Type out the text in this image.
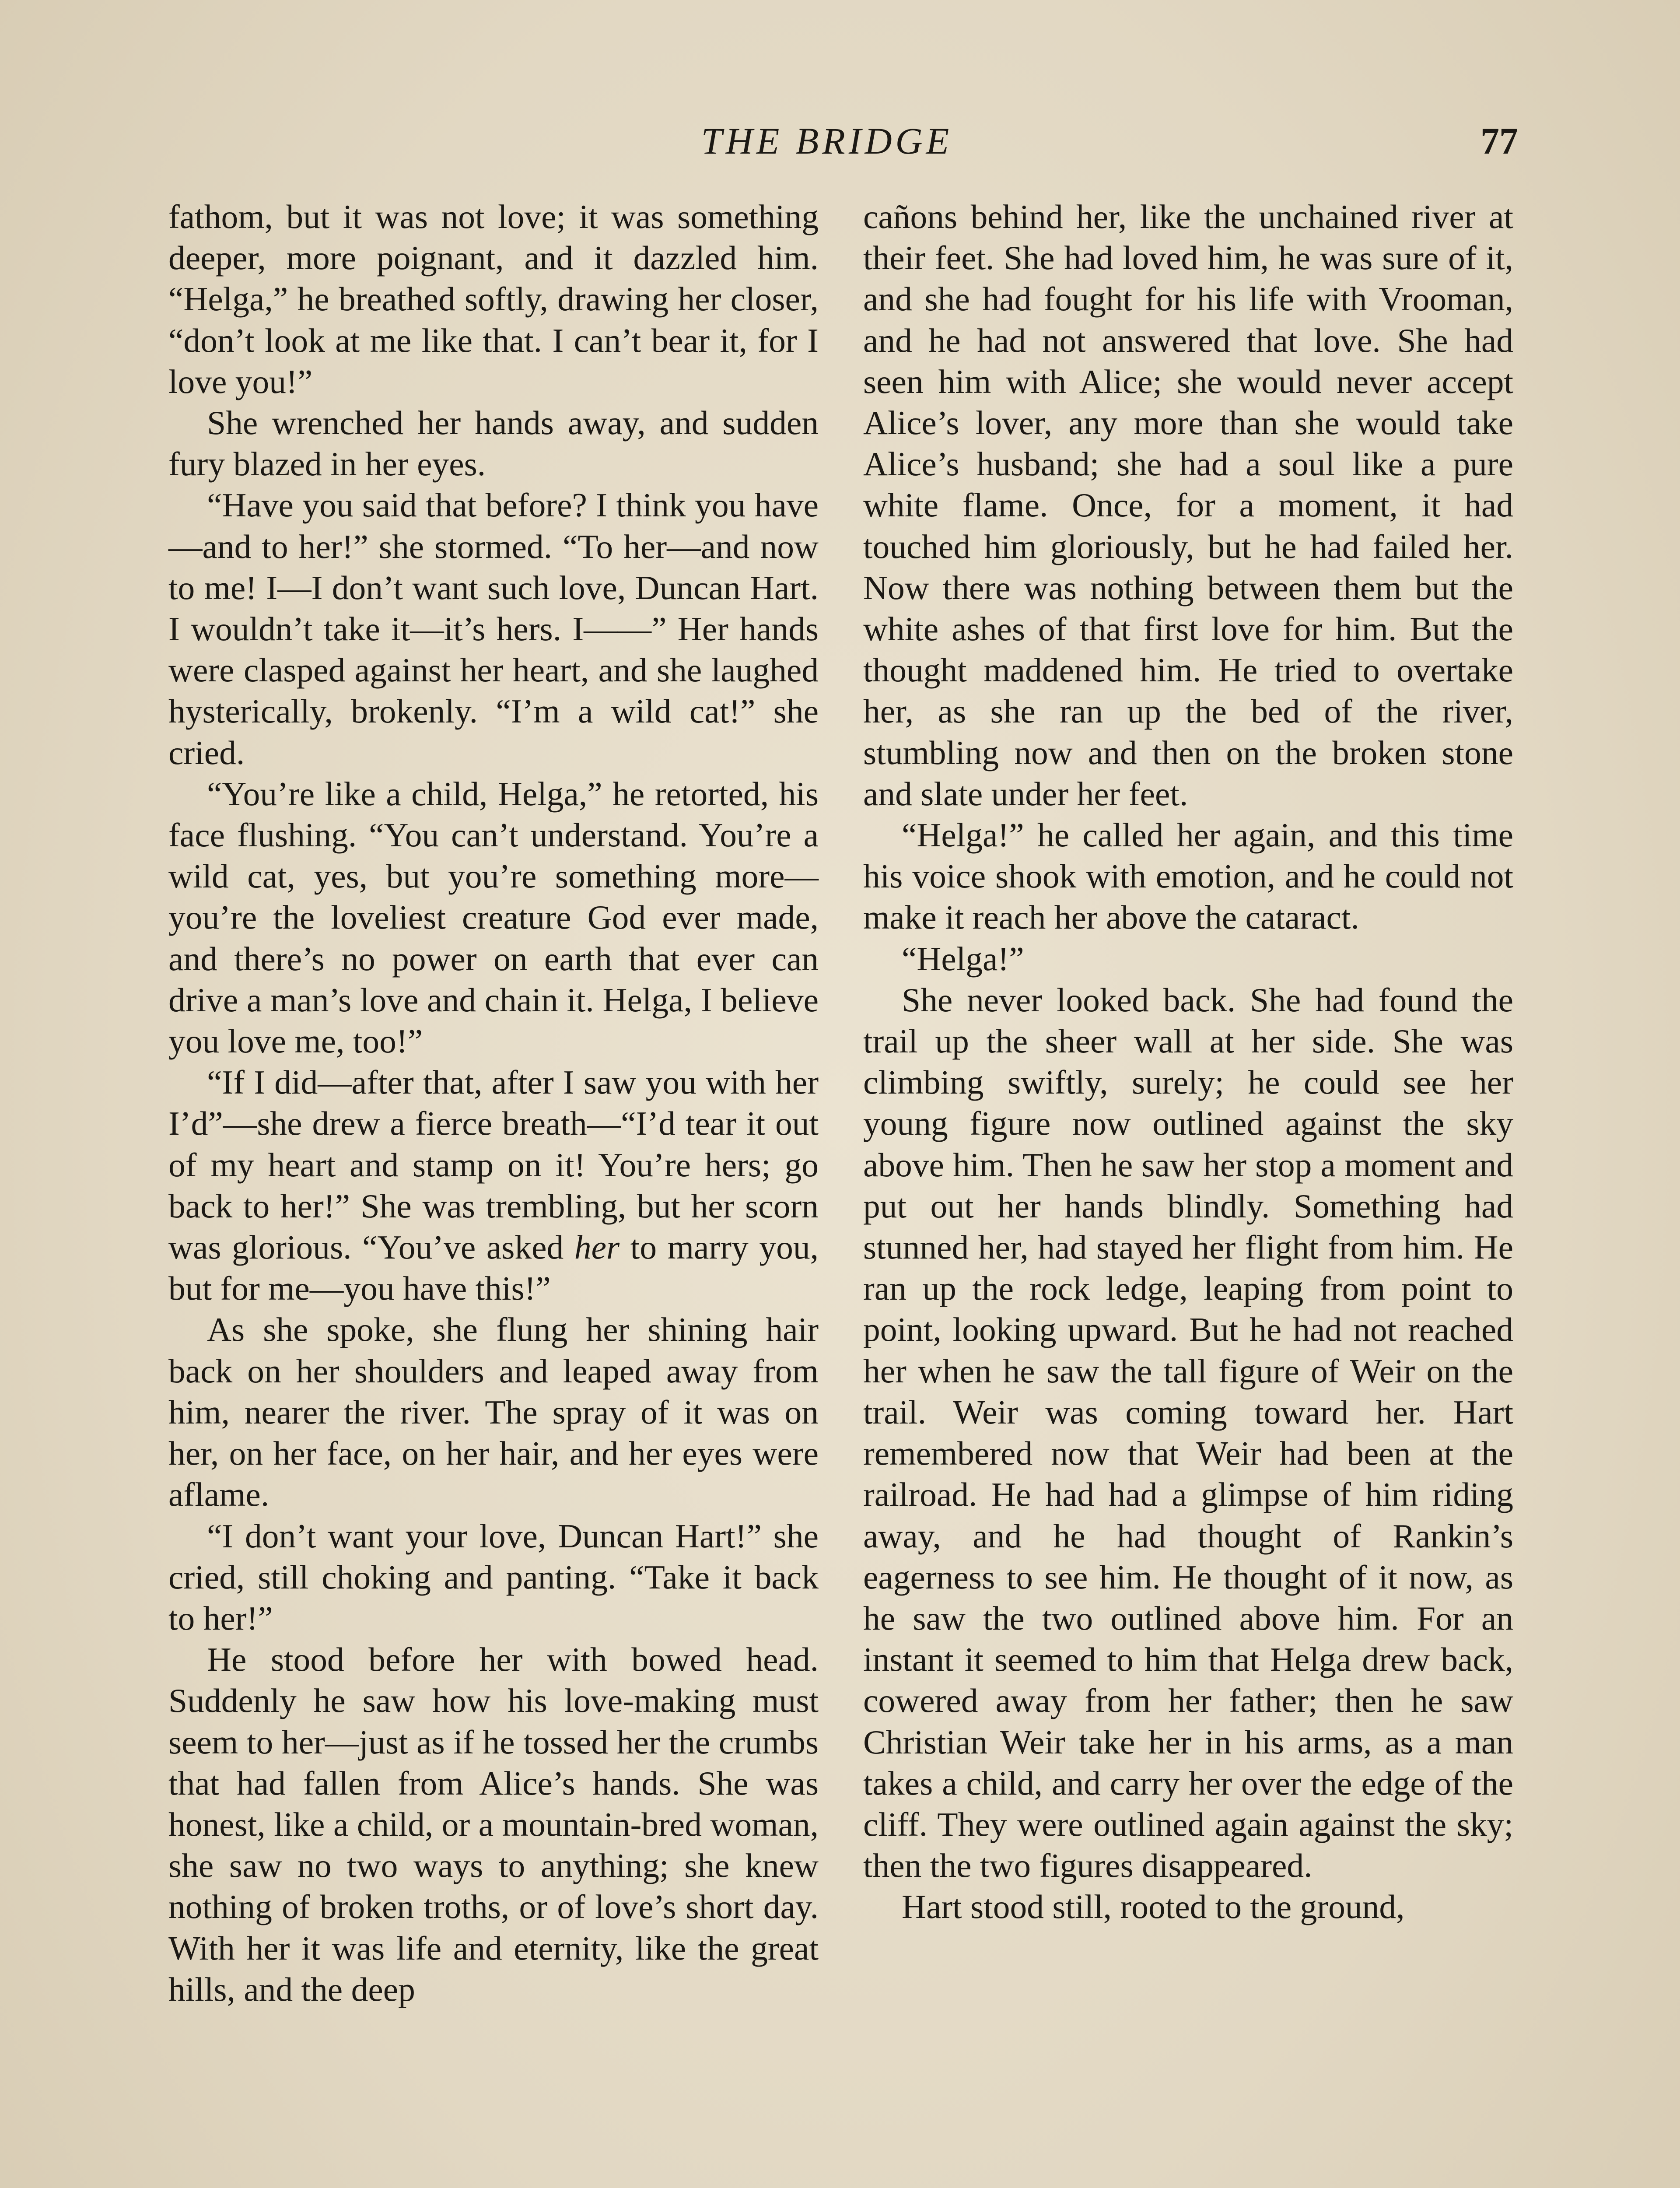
THE BRIDGE	77

fathom, but it was not love; it was something deeper, more poignant, and it dazzled him. “Helga,” he breathed softly, drawing her closer, “don’t look at me like that. I can’t bear it, for I love you!”

She wrenched her hands away, and sudden fury blazed in her eyes.

“Have you said that before? I think you have—and to her!” she stormed. “To her—and now to me! I—I don’t want such love, Duncan Hart. I wouldn’t take it—it’s hers. I——” Her hands were clasped against her heart, and she laughed hysterically, brokenly. “I’m a wild cat!” she cried.

“You’re like a child, Helga,” he retorted, his face flushing. “You can’t understand. You’re a wild cat, yes, but you’re something more—you’re the loveliest creature God ever made, and there’s no power on earth that ever can drive a man’s love and chain it. Helga, I believe you love me, too!”

“If I did—after that, after I saw you with her I’d”—she drew a fierce breath—“I’d tear it out of my heart and stamp on it! You’re hers; go back to her!” She was trembling, but her scorn was glorious. “You’ve asked her to marry you, but for me—you have this!”

As she spoke, she flung her shining hair back on her shoulders and leaped away from him, nearer the river. The spray of it was on her, on her face, on her hair, and her eyes were aflame.

“I don’t want your love, Duncan Hart!” she cried, still choking and panting. “Take it back to her!”

He stood before her with bowed head. Suddenly he saw how his love-making must seem to her—just as if he tossed her the crumbs that had fallen from Alice’s hands. She was honest, like a child, or a mountain-bred woman, she saw no two ways to anything; she knew nothing of broken troths, or of love’s short day. With her it was life and eternity, like the great hills, and the deep

cañons behind her, like the unchained river at their feet. She had loved him, he was sure of it, and she had fought for his life with Vrooman, and he had not answered that love. She had seen him with Alice; she would never accept Alice’s lover, any more than she would take Alice’s husband; she had a soul like a pure white flame. Once, for a moment, it had touched him gloriously, but he had failed her. Now there was nothing between them but the white ashes of that first love for him. But the thought maddened him. He tried to overtake her, as she ran up the bed of the river, stumbling now and then on the broken stone and slate under her feet.

“Helga!” he called her again, and this time his voice shook with emotion, and he could not make it reach her above the cataract.

“Helga!”

She never looked back. She had found the trail up the sheer wall at her side. She was climbing swiftly, surely; he could see her young figure now outlined against the sky above him. Then he saw her stop a moment and put out her hands blindly. Something had stunned her, had stayed her flight from him. He ran up the rock ledge, leaping from point to point, looking upward. But he had not reached her when he saw the tall figure of Weir on the trail. Weir was coming toward her. Hart remembered now that Weir had been at the railroad. He had had a glimpse of him riding away, and he had thought of Rankin’s eagerness to see him. He thought of it now, as he saw the two outlined above him. For an instant it seemed to him that Helga drew back, cowered away from her father; then he saw Christian Weir take her in his arms, as a man takes a child, and carry her over the edge of the cliff. They were outlined again against the sky; then the two figures disappeared.

Hart stood still, rooted to the ground,
